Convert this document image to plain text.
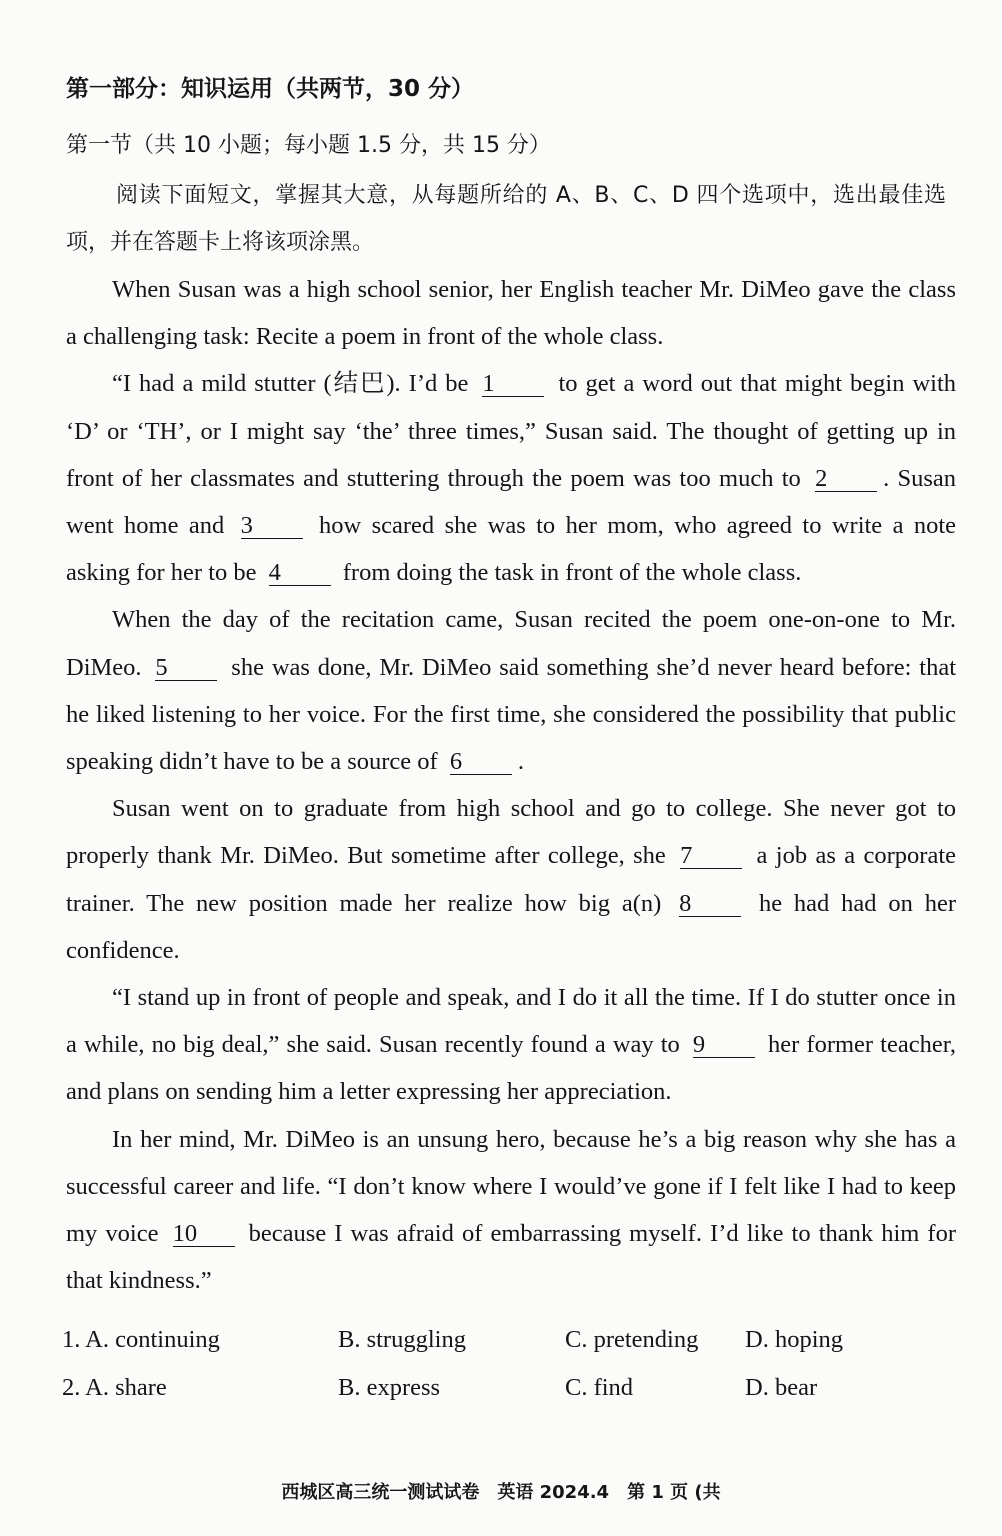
第一部分：知识运用（共两节，30 分）
第一节（共 10 小题；每小题 1.5 分，共 15 分）
阅读下面短文，掌握其大意，从每题所给的 A、B、C、D 四个选项中，选出最佳选项，并在答题卡上将该项涂黑。

When Susan was a high school senior, her English teacher Mr. DiMeo gave the class a challenging task: Recite a poem in front of the whole class.

“I had a mild stutter (结巴). I’d be 1	to get a word out that might begin with ‘D’ or ‘TH’, or I might say ‘the’ three times,” Susan said. The thought of getting up in front of her classmates and stuttering through the poem was too much to 2 . Susan went home and 3	how scared she was to her mom, who agreed to write a note asking for her to be 4	from doing the task in front of the whole class.

When the day of the recitation came, Susan recited the poem one-on-one to Mr. DiMeo. 5	she was done, Mr. DiMeo said something she’d never heard before: that he liked listening to her voice. For the first time, she considered the possibility that public speaking didn’t have to be a source of 6 .

Susan went on to graduate from high school and go to college. She never got to properly thank Mr. DiMeo. But sometime after college, she 7	a job as a corporate trainer. The new position made her realize how big a(n) 8	he had had on her confidence.

“I stand up in front of people and speak, and I do it all the time. If I do stutter once in a while, no big deal,” she said. Susan recently found a way to 9	her former teacher, and plans on sending him a letter expressing her appreciation.

In her mind, Mr. DiMeo is an unsung hero, because he’s a big reason why she has a successful career and life. “I don’t know where I would’ve gone if I felt like I had to keep my voice 10 because I was afraid of embarrassing myself. I’d like to thank him for that kindness.”

1. A. continuing	B. struggling	C. pretending D. hoping
2. A. share	B. express	C. find	D. bear
西城区高三统一测试试卷　英语 2024.4　第 1 页 (共
